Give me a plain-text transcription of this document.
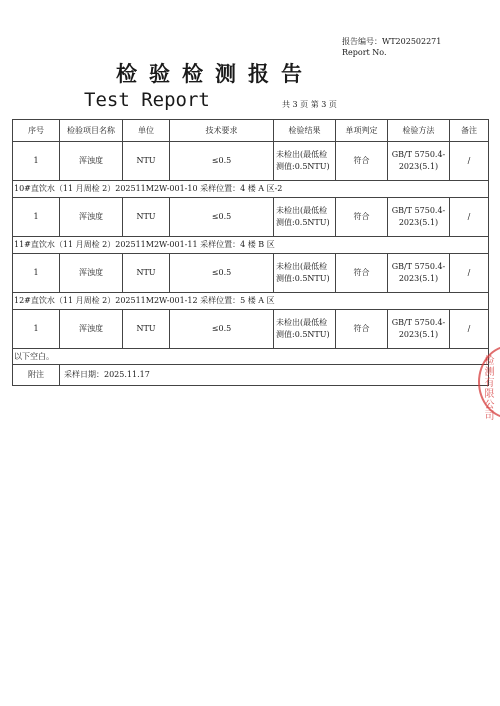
报告编号：WT202502271
Report No.
检验检测报告
Test Report	共 3 页 第 3 页
序号	检验项目名称	单位	技术要求	检验结果	单项判定	检验方法	备注
1	浑浊度	NTU	≤0.5	未检出(最低检测值:0.5NTU)	符合	GB/T 5750.4-2023(5.1)	/
10#直饮水（11 月周检 2）202511M2W-001-10 采样位置：4 楼 A 区-2							
1	浑浊度	NTU	≤0.5	未检出(最低检测值:0.5NTU)	符合	GB/T 5750.4-2023(5.1)	/
11#直饮水（11 月周检 2）202511M2W-001-11 采样位置：4 楼 B 区							
1	浑浊度	NTU	≤0.5	未检出(最低检测值:0.5NTU)	符合	GB/T 5750.4-2023(5.1)	/
12#直饮水（11 月周检 2）202511M2W-001-12 采样位置：5 楼 A 区							
1	浑浊度	NTU	≤0.5	未检出(最低检测值:0.5NTU)	符合	GB/T 5750.4-2023(5.1)	/
以下空白。							
附注	采样日期：2025.11.17							检测有限公司
